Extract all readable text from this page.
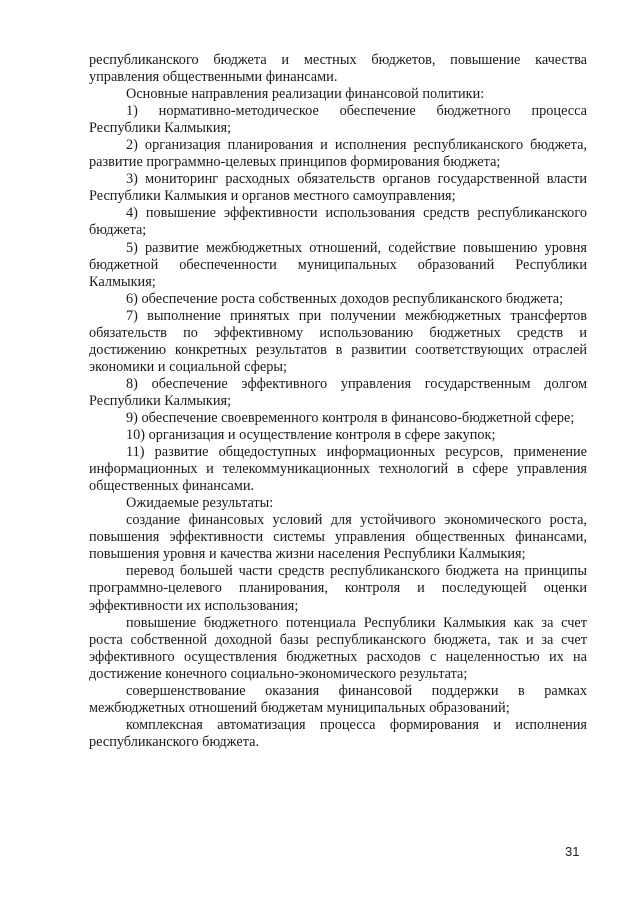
республиканского бюджета и местных бюджетов, повышение качества управления общественными финансами.

Основные направления реализации финансовой политики:

1) нормативно-методическое обеспечение бюджетного процесса Республики Калмыкия;

2) организация планирования и исполнения республиканского бюджета, развитие программно-целевых принципов формирования бюджета;

3) мониторинг расходных обязательств органов государственной власти Республики Калмыкия и органов местного самоуправления;

4) повышение эффективности использования средств республиканского бюджета;

5) развитие межбюджетных отношений, содействие повышению уровня бюджетной обеспеченности муниципальных образований Республики Калмыкия;

6) обеспечение роста собственных доходов республиканского бюджета;

7) выполнение принятых при получении межбюджетных трансфертов обязательств по эффективному использованию бюджетных средств и достижению конкретных результатов в развитии соответствующих отраслей экономики и социальной сферы;

8) обеспечение эффективного управления государственным долгом Республики Калмыкия;

9) обеспечение своевременного контроля в финансово-бюджетной сфере;

10) организация и осуществление контроля в сфере закупок;

11) развитие общедоступных информационных ресурсов, применение информационных и телекоммуникационных технологий в сфере управления общественных финансами.

Ожидаемые результаты:

создание финансовых условий для устойчивого экономического роста, повышения эффективности системы управления общественных финансами, повышения уровня и качества жизни населения Республики Калмыкия;

перевод большей части средств республиканского бюджета на принципы программно-целевого планирования, контроля и последующей оценки эффективности их использования;

повышение бюджетного потенциала Республики Калмыкия как за счет роста собственной доходной базы республиканского бюджета, так и за счет эффективного осуществления бюджетных расходов с нацеленностью их на достижение конечного социально-экономического результата;

совершенствование оказания финансовой поддержки в рамках межбюджетных отношений бюджетам муниципальных образований;

комплексная автоматизация процесса формирования и исполнения республиканского бюджета.

31
